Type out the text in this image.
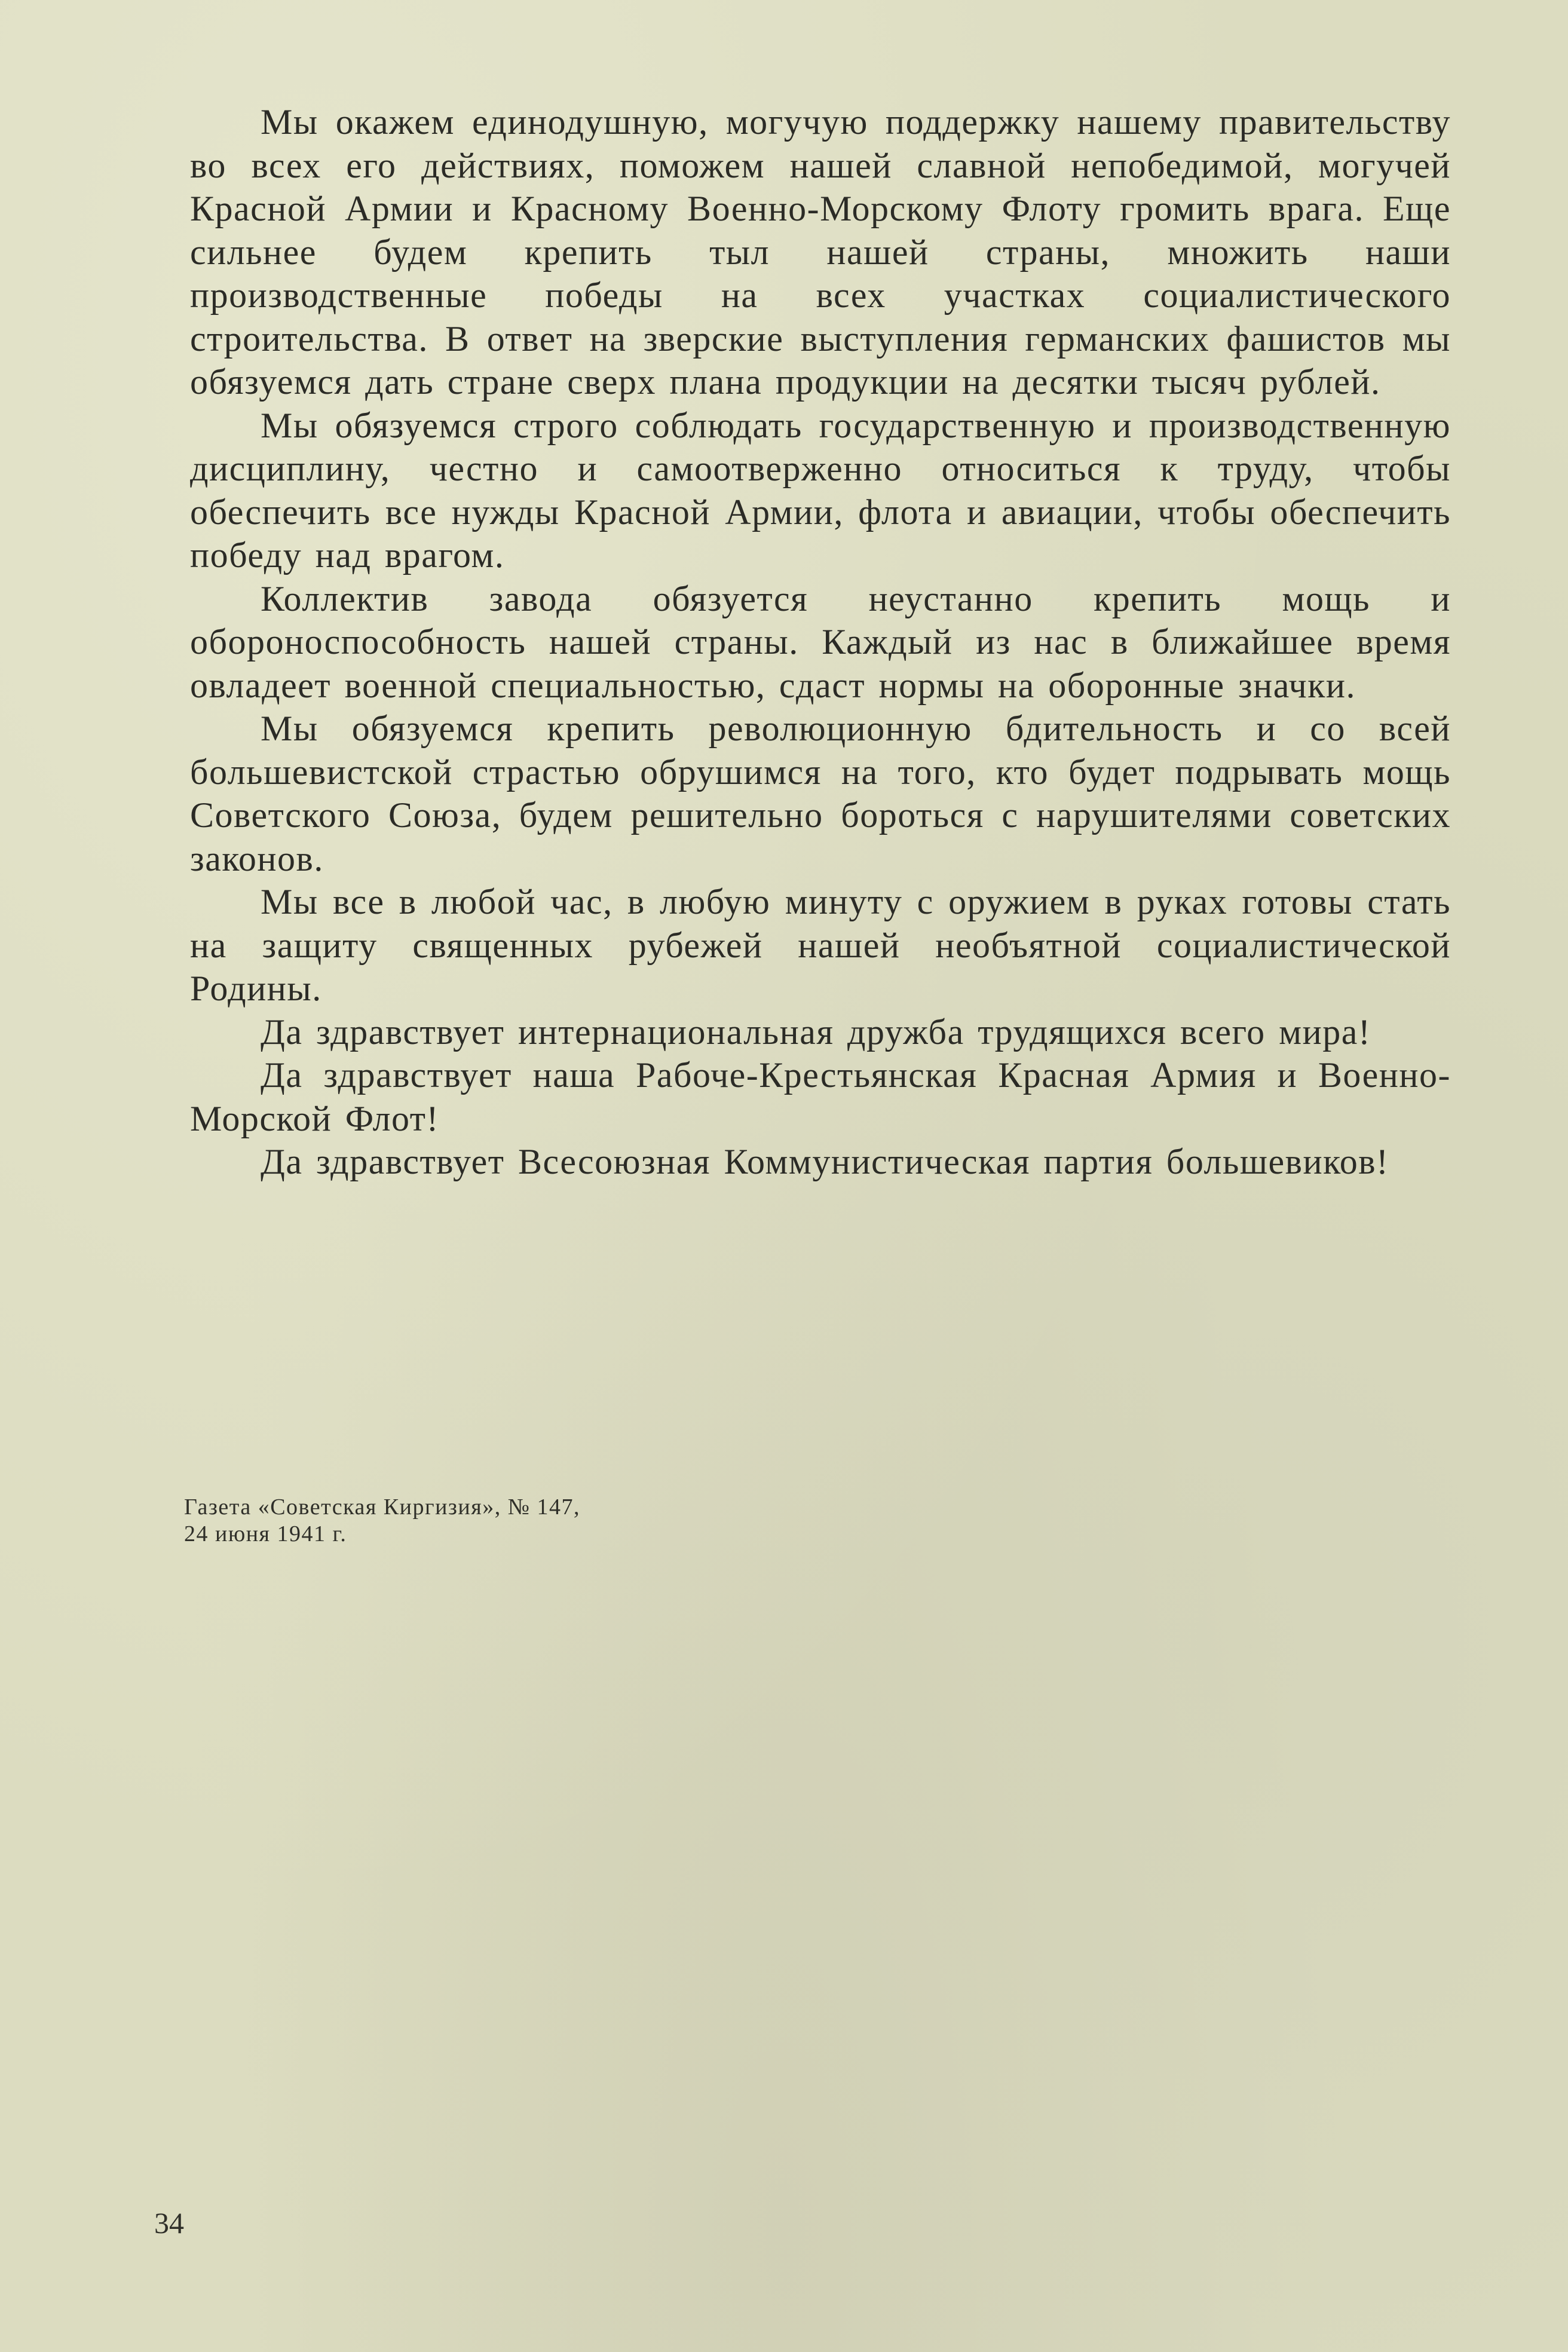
Мы окажем единодушную, могучую поддержку нашему правительству во всех его действиях, поможем нашей славной непобедимой, могучей Красной Армии и Красному Военно-Морскому Флоту громить врага. Еще сильнее будем крепить тыл нашей страны, множить наши производственные победы на всех участках социалистического строительства. В ответ на зверские выступления германских фашистов мы обязуемся дать стране сверх плана продукции на десятки тысяч рублей.

Мы обязуемся строго соблюдать государственную и производственную дисциплину, честно и самоотверженно относиться к труду, чтобы обеспечить все нужды Красной Армии, флота и авиации, чтобы обеспечить победу над врагом.

Коллектив завода обязуется неустанно крепить мощь и обороноспособность нашей страны. Каждый из нас в ближайшее время овладеет военной специальностью, сдаст нормы на оборонные значки.

Мы обязуемся крепить революционную бдительность и со всей большевистской страстью обрушимся на того, кто будет подрывать мощь Советского Союза, будем решительно бороться с нарушителями советских законов.

Мы все в любой час, в любую минуту с оружием в руках готовы стать на защиту священных рубежей нашей необъятной социалистической Родины.

Да здравствует интернациональная дружба трудящихся всего мира!

Да здравствует наша Рабоче-Крестьянская Красная Армия и Военно-Морской Флот!

Да здравствует Всесоюзная Коммунистическая партия большевиков!

Газета «Советская Киргизия», № 147,
24 июня 1941 г.
34
